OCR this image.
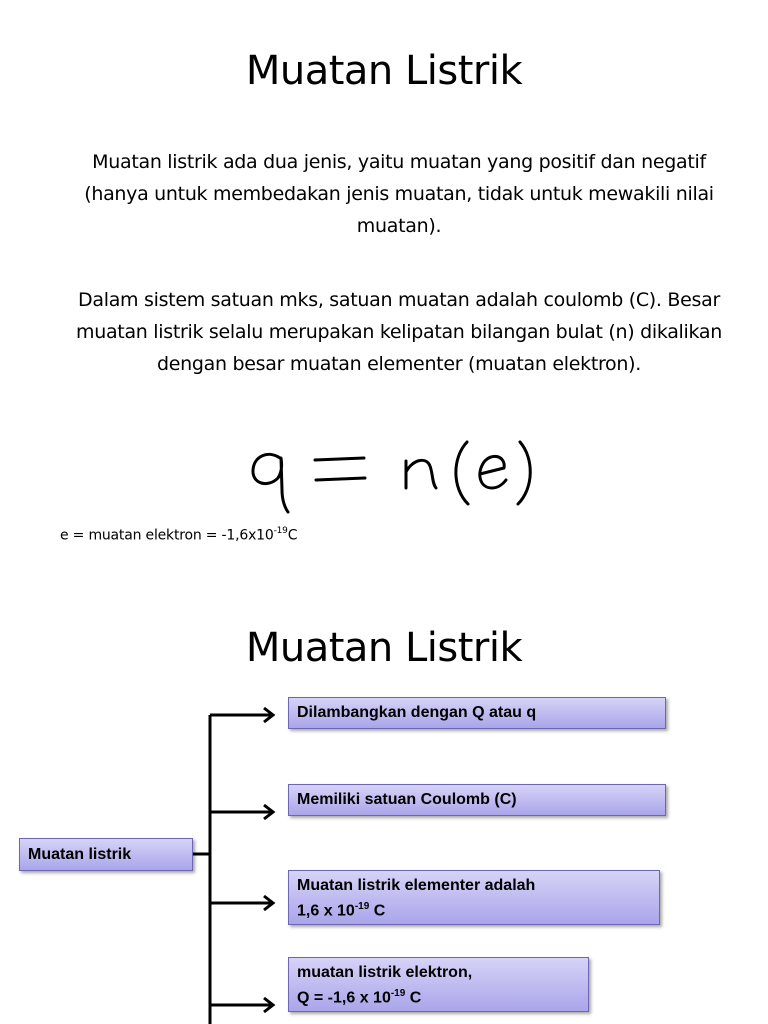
Muatan Listrik
Muatan listrik ada dua jenis, yaitu muatan yang positif dan negatif (hanya untuk membedakan jenis muatan, tidak untuk mewakili nilai muatan).
Dalam sistem satuan mks, satuan muatan adalah coulomb (C). Besar muatan listrik selalu merupakan kelipatan bilangan bulat (n) dikalikan dengan besar muatan elementer (muatan elektron).
e = muatan elektron = $-1,6x10^{-19}C$
Muatan Listrik
Muatan listrik
Dilambangkan dengan Q atau q
Memiliki satuan Coulomb (C)
Muatan listrik elementer adalah
1,6 x $10^{-19}$ C
muatan listrik elektron,
Q = -1,6 x $10^{-19}$ C
